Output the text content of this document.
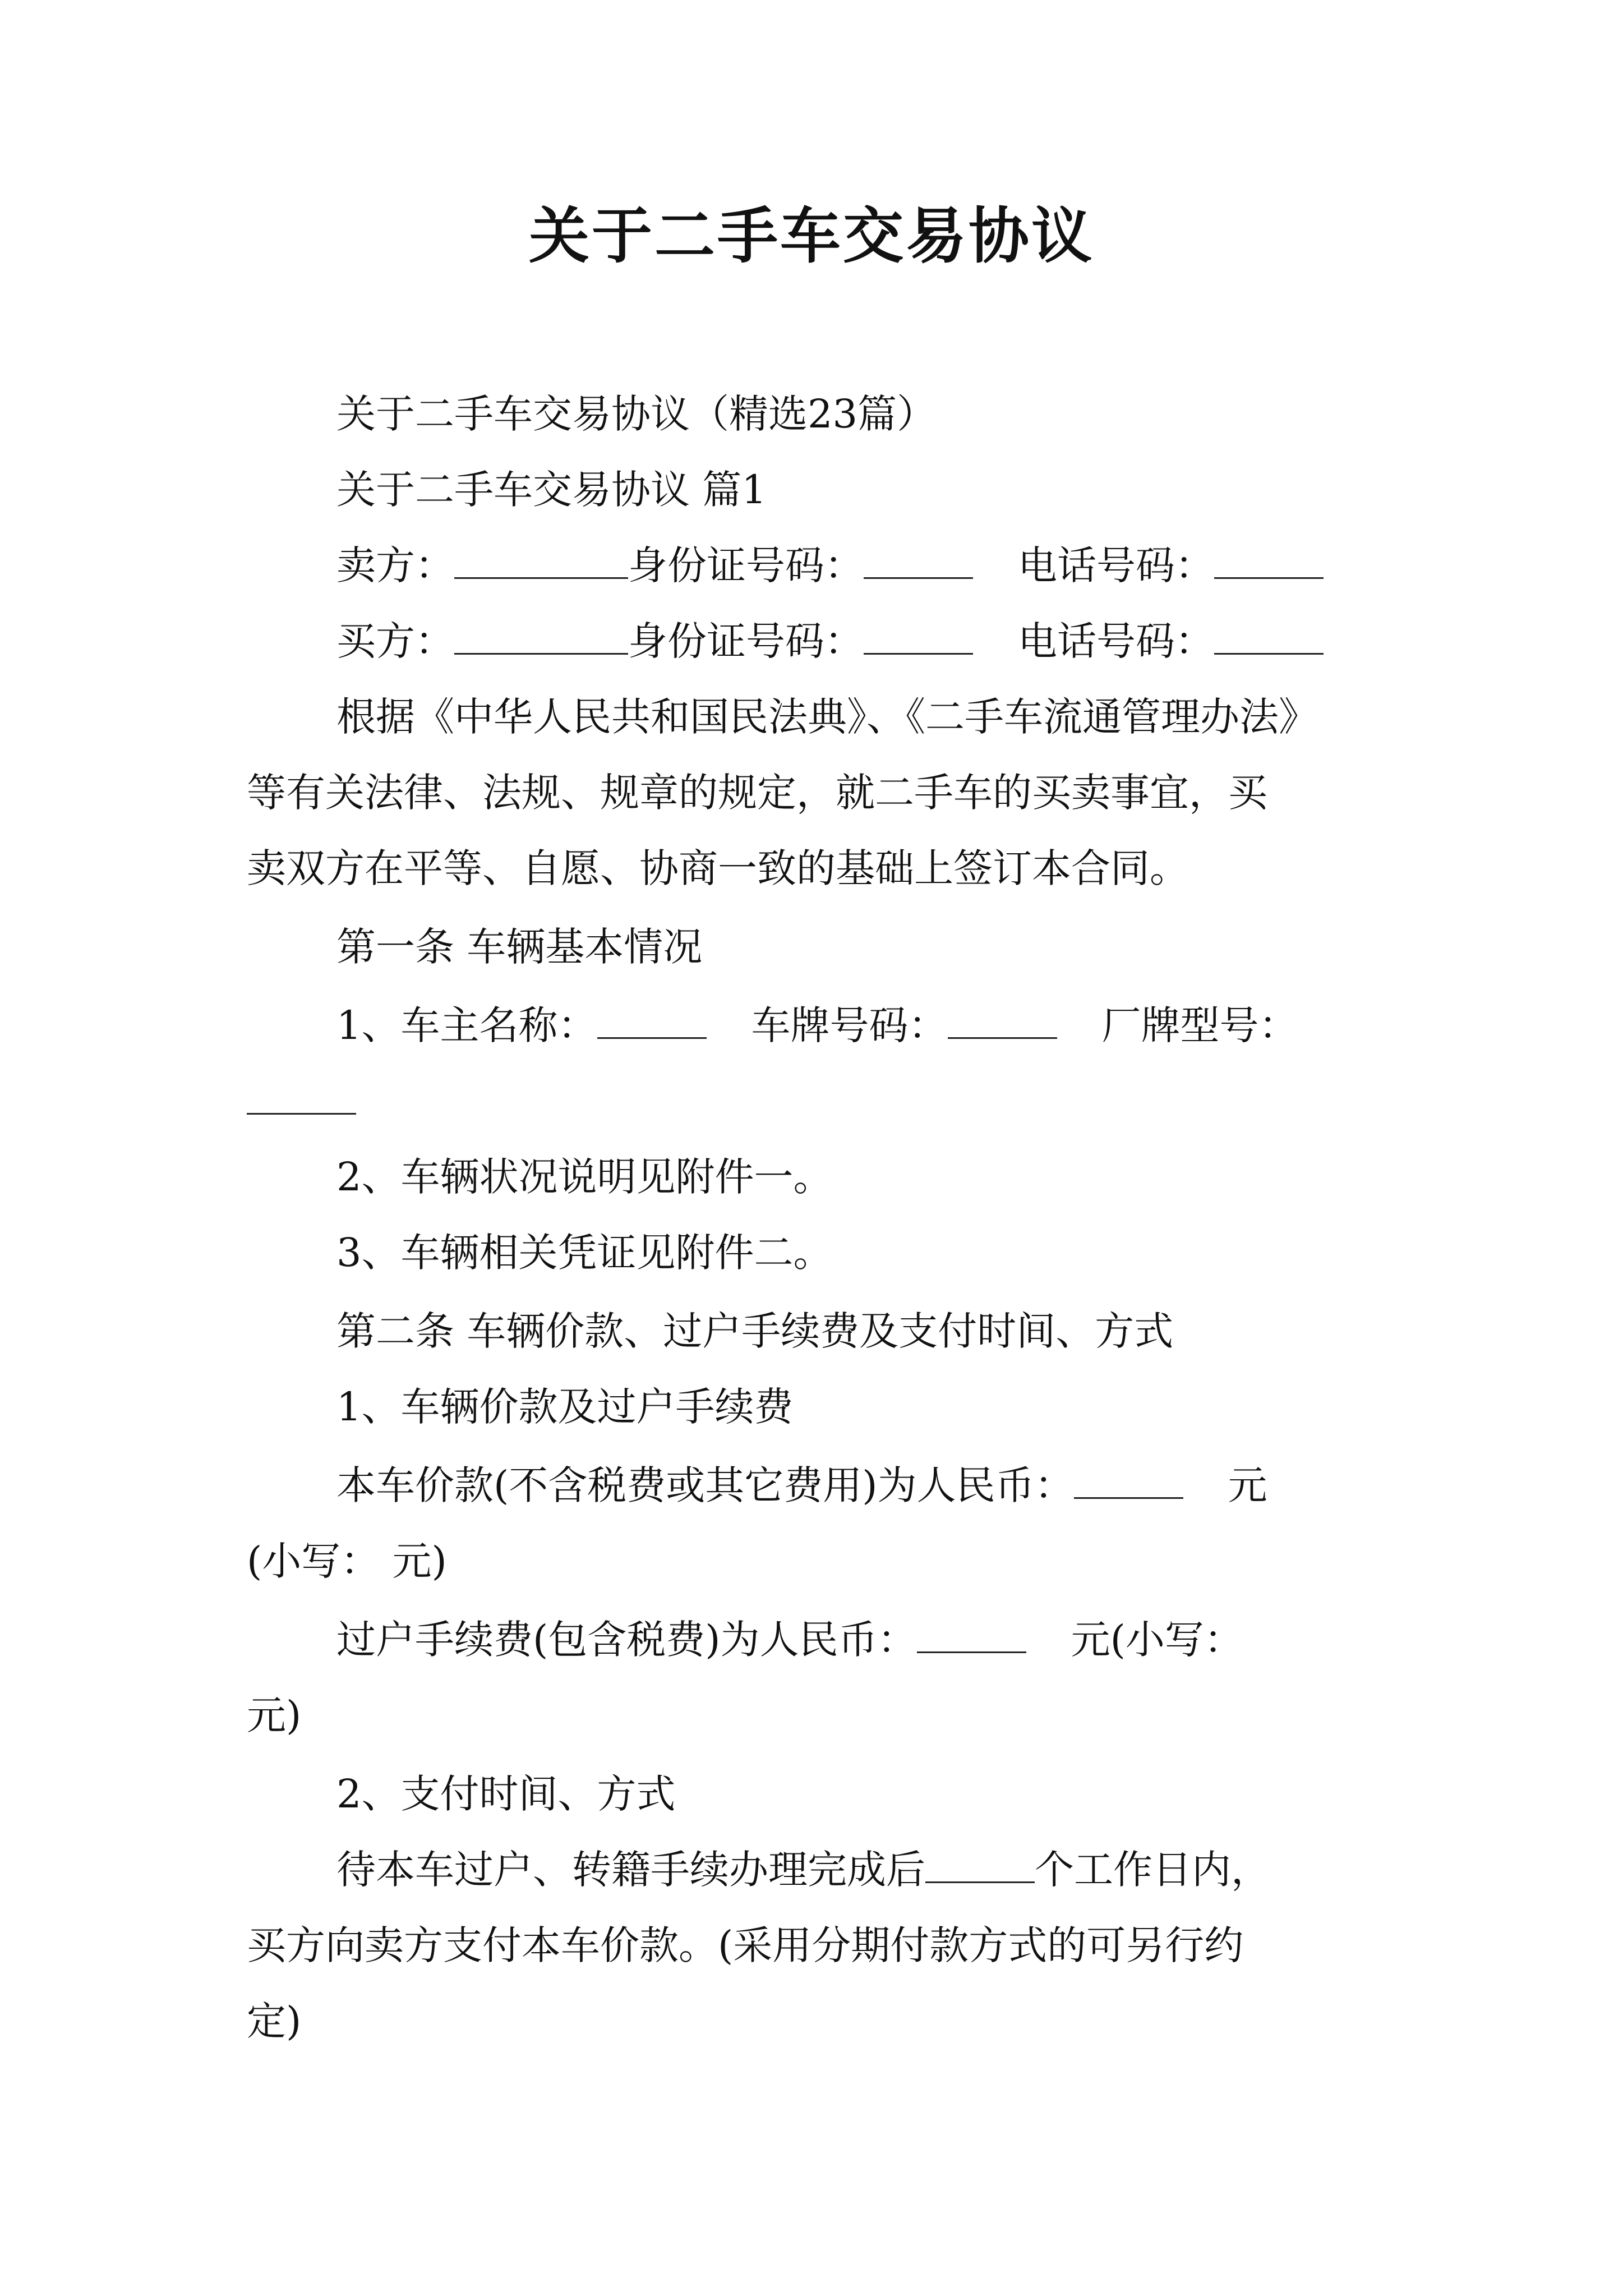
关于二手车交易协议
关于二手车交易协议（精选23篇）
关于二手车交易协议 篇1
卖方：	身份证号码：	电话号码：
买方：	身份证号码：	电话号码：
根据《中华人民共和国民法典》、《二手车流通管理办法》
等有关法律、法规、规章的规定，就二手车的买卖事宜，买
卖双方在平等、自愿、协商一致的基础上签订本合同。
第一条 车辆基本情况
1、车主名称：	车牌号码：	厂牌型号：
2、车辆状况说明见附件一。
3、车辆相关凭证见附件二。
第二条 车辆价款、过户手续费及支付时间、方式
1、车辆价款及过户手续费
本车价款(不含税费或其它费用)为人民币：	元
(小写： 元)
过户手续费(包含税费)为人民币：	元(小写：
元)
2、支付时间、方式
待本车过户、转籍手续办理完成后	个工作日内，
买方向卖方支付本车价款。(采用分期付款方式的可另行约
定)
